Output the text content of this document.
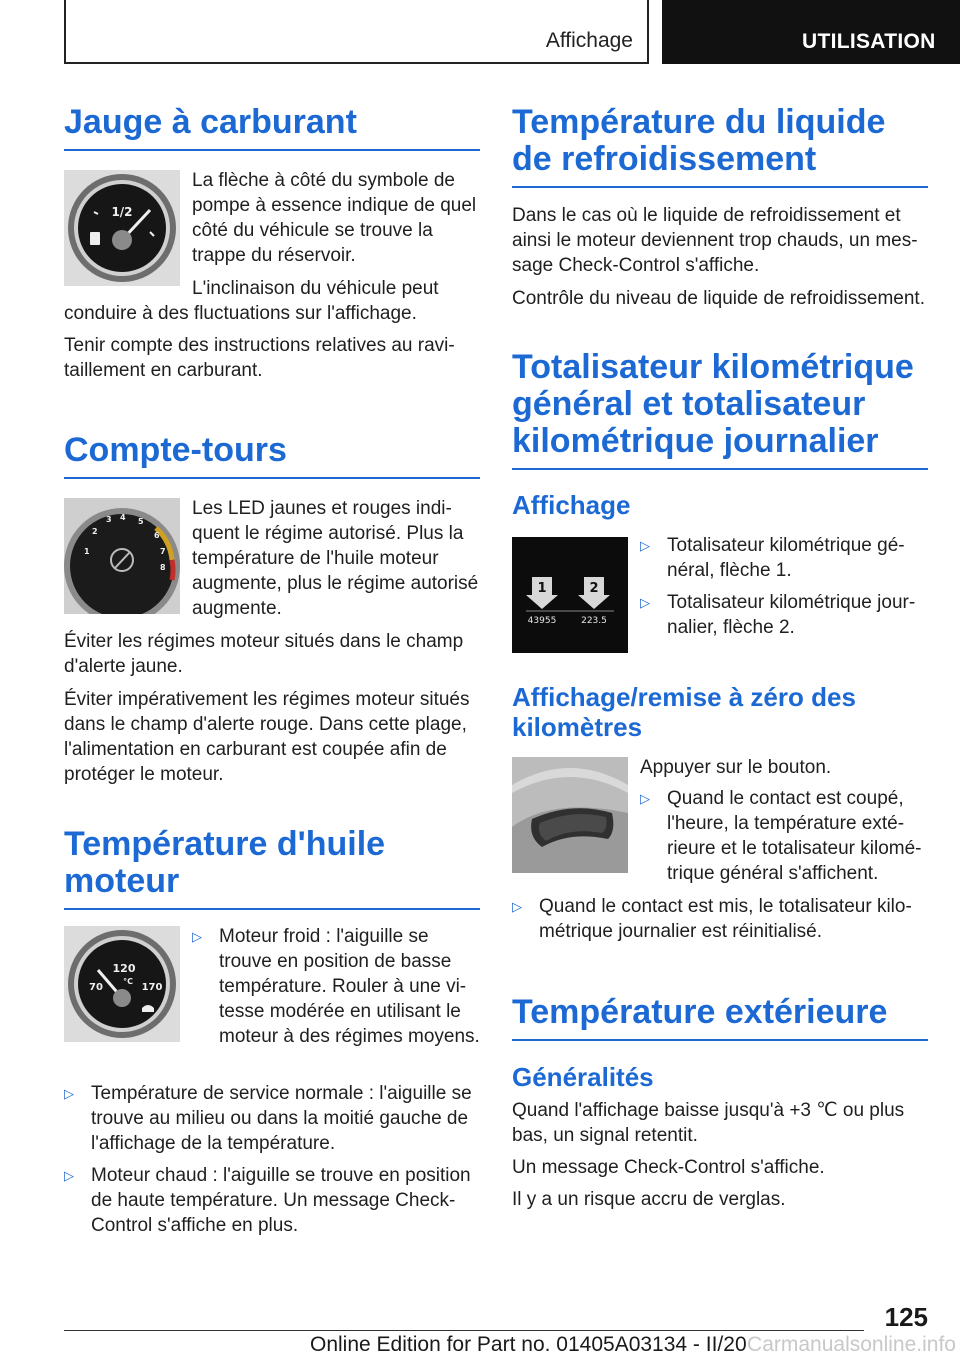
Affichage	UTILISATION
Jauge à carburant
1/2

La flèche à côté du symbole de pompe à essence indique de quel côté du véhicule se trouve la trappe du réservoir.

L'inclinaison du véhicule peut conduire à des fluctuations sur l'affichage.

Tenir compte des instructions relatives au ravitaillement en carburant.

Compte-tours
1
2
3 4 5
6
7
8

Les LED jaunes et rouges indiquent le régime autorisé. Plus la température de l'huile moteur augmente, plus le régime autorisé augmente.

Éviter les régimes moteur situés dans le champ d'alerte jaune.

Éviter impérativement les régimes moteur situés dans le champ d'alerte rouge. Dans cette plage, l'alimentation en carburant est coupée afin de protéger le moteur.

Température d'huile moteur
120
°C
70	170
▷ Moteur froid : l'aiguille se trouve en position de basse température. Rouler à une vitesse modérée en utilisant le moteur à des régimes moyens.
▷ Température de service normale : l'aiguille se trouve au milieu ou dans la moitié gauche de l'affichage de la température.
▷ Moteur chaud : l'aiguille se trouve en position de haute température. Un message Check-Control s'affiche en plus.
Température du liquide de refroidissement

Dans le cas où le liquide de refroidissement et ainsi le moteur deviennent trop chauds, un message Check-Control s'affiche.

Contrôle du niveau de liquide de refroidissement.

Totalisateur kilométrique général et totalisateur kilométrique journalier
Affichage
1	2
43955	223.5
▷ Totalisateur kilométrique général, flèche 1.
▷ Totalisateur kilométrique journalier, flèche 2.
Affichage/remise à zéro des kilomètres

Appuyer sur le bouton.

▷ Quand le contact est coupé, l'heure, la température extérieure et le totalisateur kilométrique général s'affichent.
▷ Quand le contact est mis, le totalisateur kilométrique journalier est réinitialisé.
Température extérieure
Généralités

Quand l'affichage baisse jusqu'à +3 ℃ ou plus bas, un signal retentit.

Un message Check-Control s'affiche.

Il y a un risque accru de verglas.

125
Online Edition for Part no. 01405A03134 - II/20 Carmanualsonline.info
